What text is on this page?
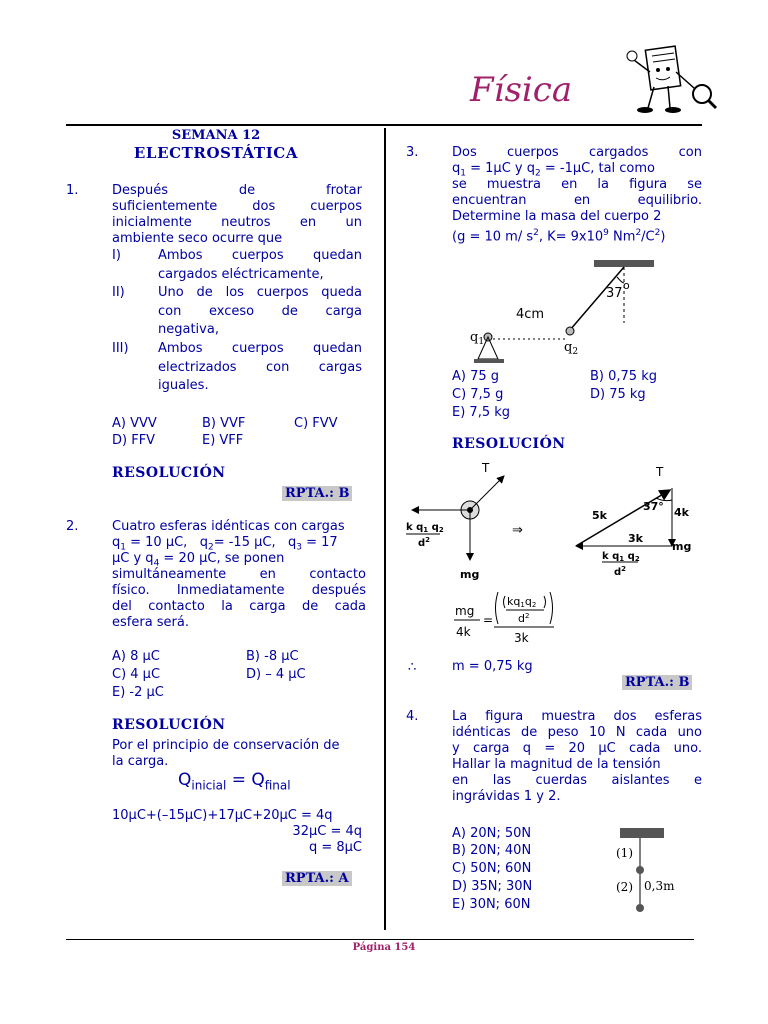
Física
SEMANA 12
ELECTROSTÁTICA
1.	Después de frotar
suficientemente dos cuerpos
inicialmente neutros en un
ambiente seco ocurre que
I)	Ambos cuerpos quedan
cargados eléctricamente,
II)	Uno de los cuerpos queda
con exceso de carga
negativa,
III) Ambos cuerpos quedan
electrizados con cargas
iguales.
A) VVV	B) VVF	C) FVV
D) FFV	E) VFF
RESOLUCIÓN
RPTA.: B
2.	Cuatro esferas idénticas con cargas
$q_1 = 10$ μC, $q_2= -15$ μC, $q_3 = 17$
μC y $q_4 = 20$ μC, se ponen
simultáneamente en contacto
físico. Inmediatamente después
del contacto la carga de cada
esfera será.
A) 8 μC	B) -8 μC
C) 4 μC	D) – 4 μC
E) -2 μC
RESOLUCIÓN
Por el principio de conservación de
la carga.
$Q_{inicial} = Q_{final}$
10μC+(–15μC)+17μC+20μC = 4q
32μC = 4q
q = 8μC
RPTA.: A
3.	Dos cuerpos cargados con
$q_1 = 1\mu C$ y $q_2 = -1\mu C$, tal como
se muestra en la figura se
encuentran en equilibrio.
Determine la masa del cuerpo 2
(g = 10 m/ $s^2$, $K= 9x10^9$ $Nm^2/C^2$)
4cm
37
o
$q_1$	$q_2$
A) 75 g	B) 0,75 kg
C) 7,5 g	D) 75 kg
E) 7,5 kg
RESOLUCIÓN
T
mg
k $q_1$ $q_2$
$d^2$
⇒
T
5k
37° 4k
3k
mg
k $q_1$ $q_2$
$d^2$
mg
4k
=
kq1q2
$d^2$
3k
∴	m = 0,75 kg
RPTA.: B
4.	La figura muestra dos esferas
idénticas de peso 10 N cada uno
y carga q = 20 μC cada uno.
Hallar la magnitud de la tensión
en las cuerdas aislantes e
ingrávidas 1 y 2.
A) 20N; 50N
B) 20N; 40N
C) 50N; 60N
D) 35N; 30N
E) 30N; 60N
(1)
(2) 0,3m
Página 154
